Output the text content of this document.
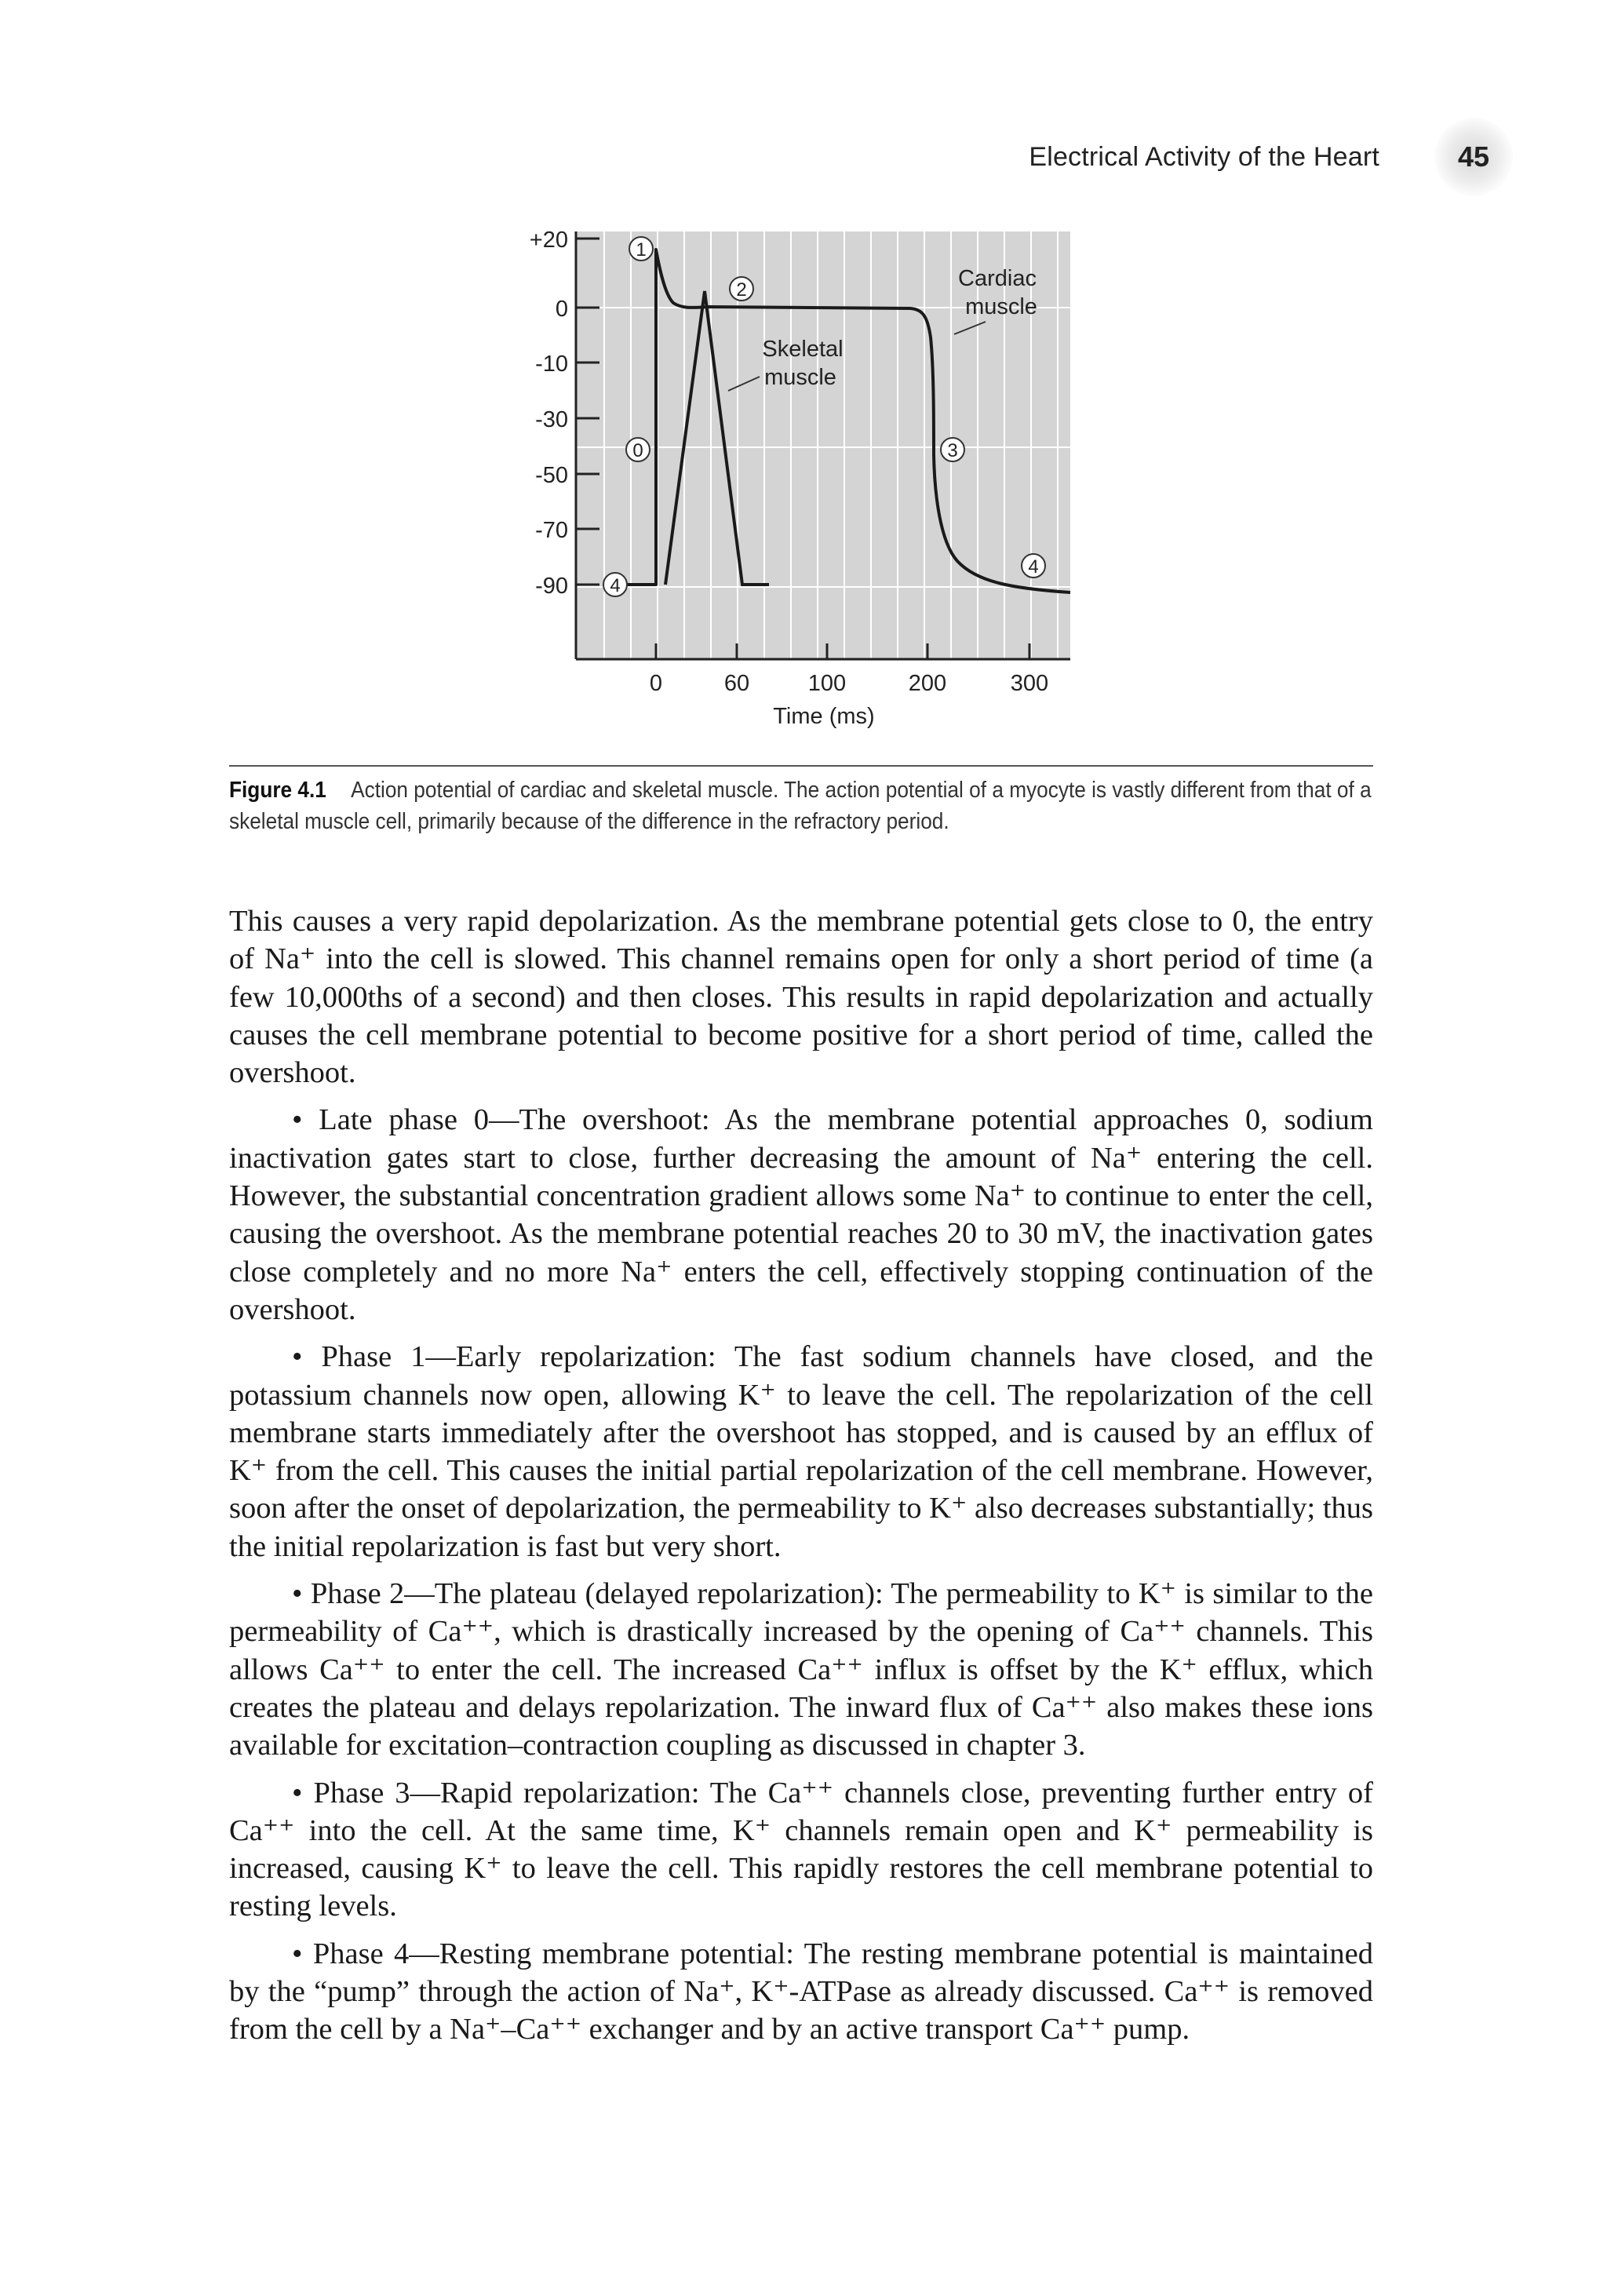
Electrical Activity of the Heart	45
+20
0
-10
-30
-50
-70
-90
0	60	100	200	300
Time (ms)
Cardiac
muscle
Skeletal
muscle
1
2
0	3
4
4
Figure 4.1 Action potential of cardiac and skeletal muscle. The action potential of a myocyte is vastly different from that of a skeletal muscle cell, primarily because of the difference in the refractory period.

This causes a very rapid depolarization. As the membrane potential gets close to 0, the entry of Na⁺ into the cell is slowed. This channel remains open for only a short period of time (a few 10,000ths of a second) and then closes. This results in rapid depolarization and actually causes the cell membrane potential to become positive for a short period of time, called the overshoot.

• Late phase 0—The overshoot: As the membrane potential approaches 0, sodium inactivation gates start to close, further decreasing the amount of Na⁺ entering the cell. However, the substantial concentration gradient allows some Na⁺ to continue to enter the cell, causing the overshoot. As the membrane potential reaches 20 to 30 mV, the inactivation gates close completely and no more Na⁺ enters the cell, effectively stopping continuation of the overshoot.

• Phase 1—Early repolarization: The fast sodium channels have closed, and the potassium channels now open, allowing K⁺ to leave the cell. The repolarization of the cell membrane starts immediately after the overshoot has stopped, and is caused by an efflux of K⁺ from the cell. This causes the initial partial repolarization of the cell membrane. However, soon after the onset of depolarization, the permeability to K⁺ also decreases substantially; thus the initial repolarization is fast but very short.

• Phase 2—The plateau (delayed repolarization): The permeability to K⁺ is similar to the permeability of Ca⁺⁺, which is drastically increased by the opening of Ca⁺⁺ channels. This allows Ca⁺⁺ to enter the cell. The increased Ca⁺⁺ influx is offset by the K⁺ efflux, which creates the plateau and delays repolarization. The inward flux of Ca⁺⁺ also makes these ions available for excitation–contraction coupling as discussed in chapter 3.

• Phase 3—Rapid repolarization: The Ca⁺⁺ channels close, preventing further entry of Ca⁺⁺ into the cell. At the same time, K⁺ channels remain open and K⁺ permeability is increased, causing K⁺ to leave the cell. This rapidly restores the cell membrane potential to resting levels.

• Phase 4—Resting membrane potential: The resting membrane potential is maintained by the “pump” through the action of Na⁺, K⁺-ATPase as already discussed. Ca⁺⁺ is removed from the cell by a Na⁺–Ca⁺⁺ exchanger and by an active transport Ca⁺⁺ pump.
